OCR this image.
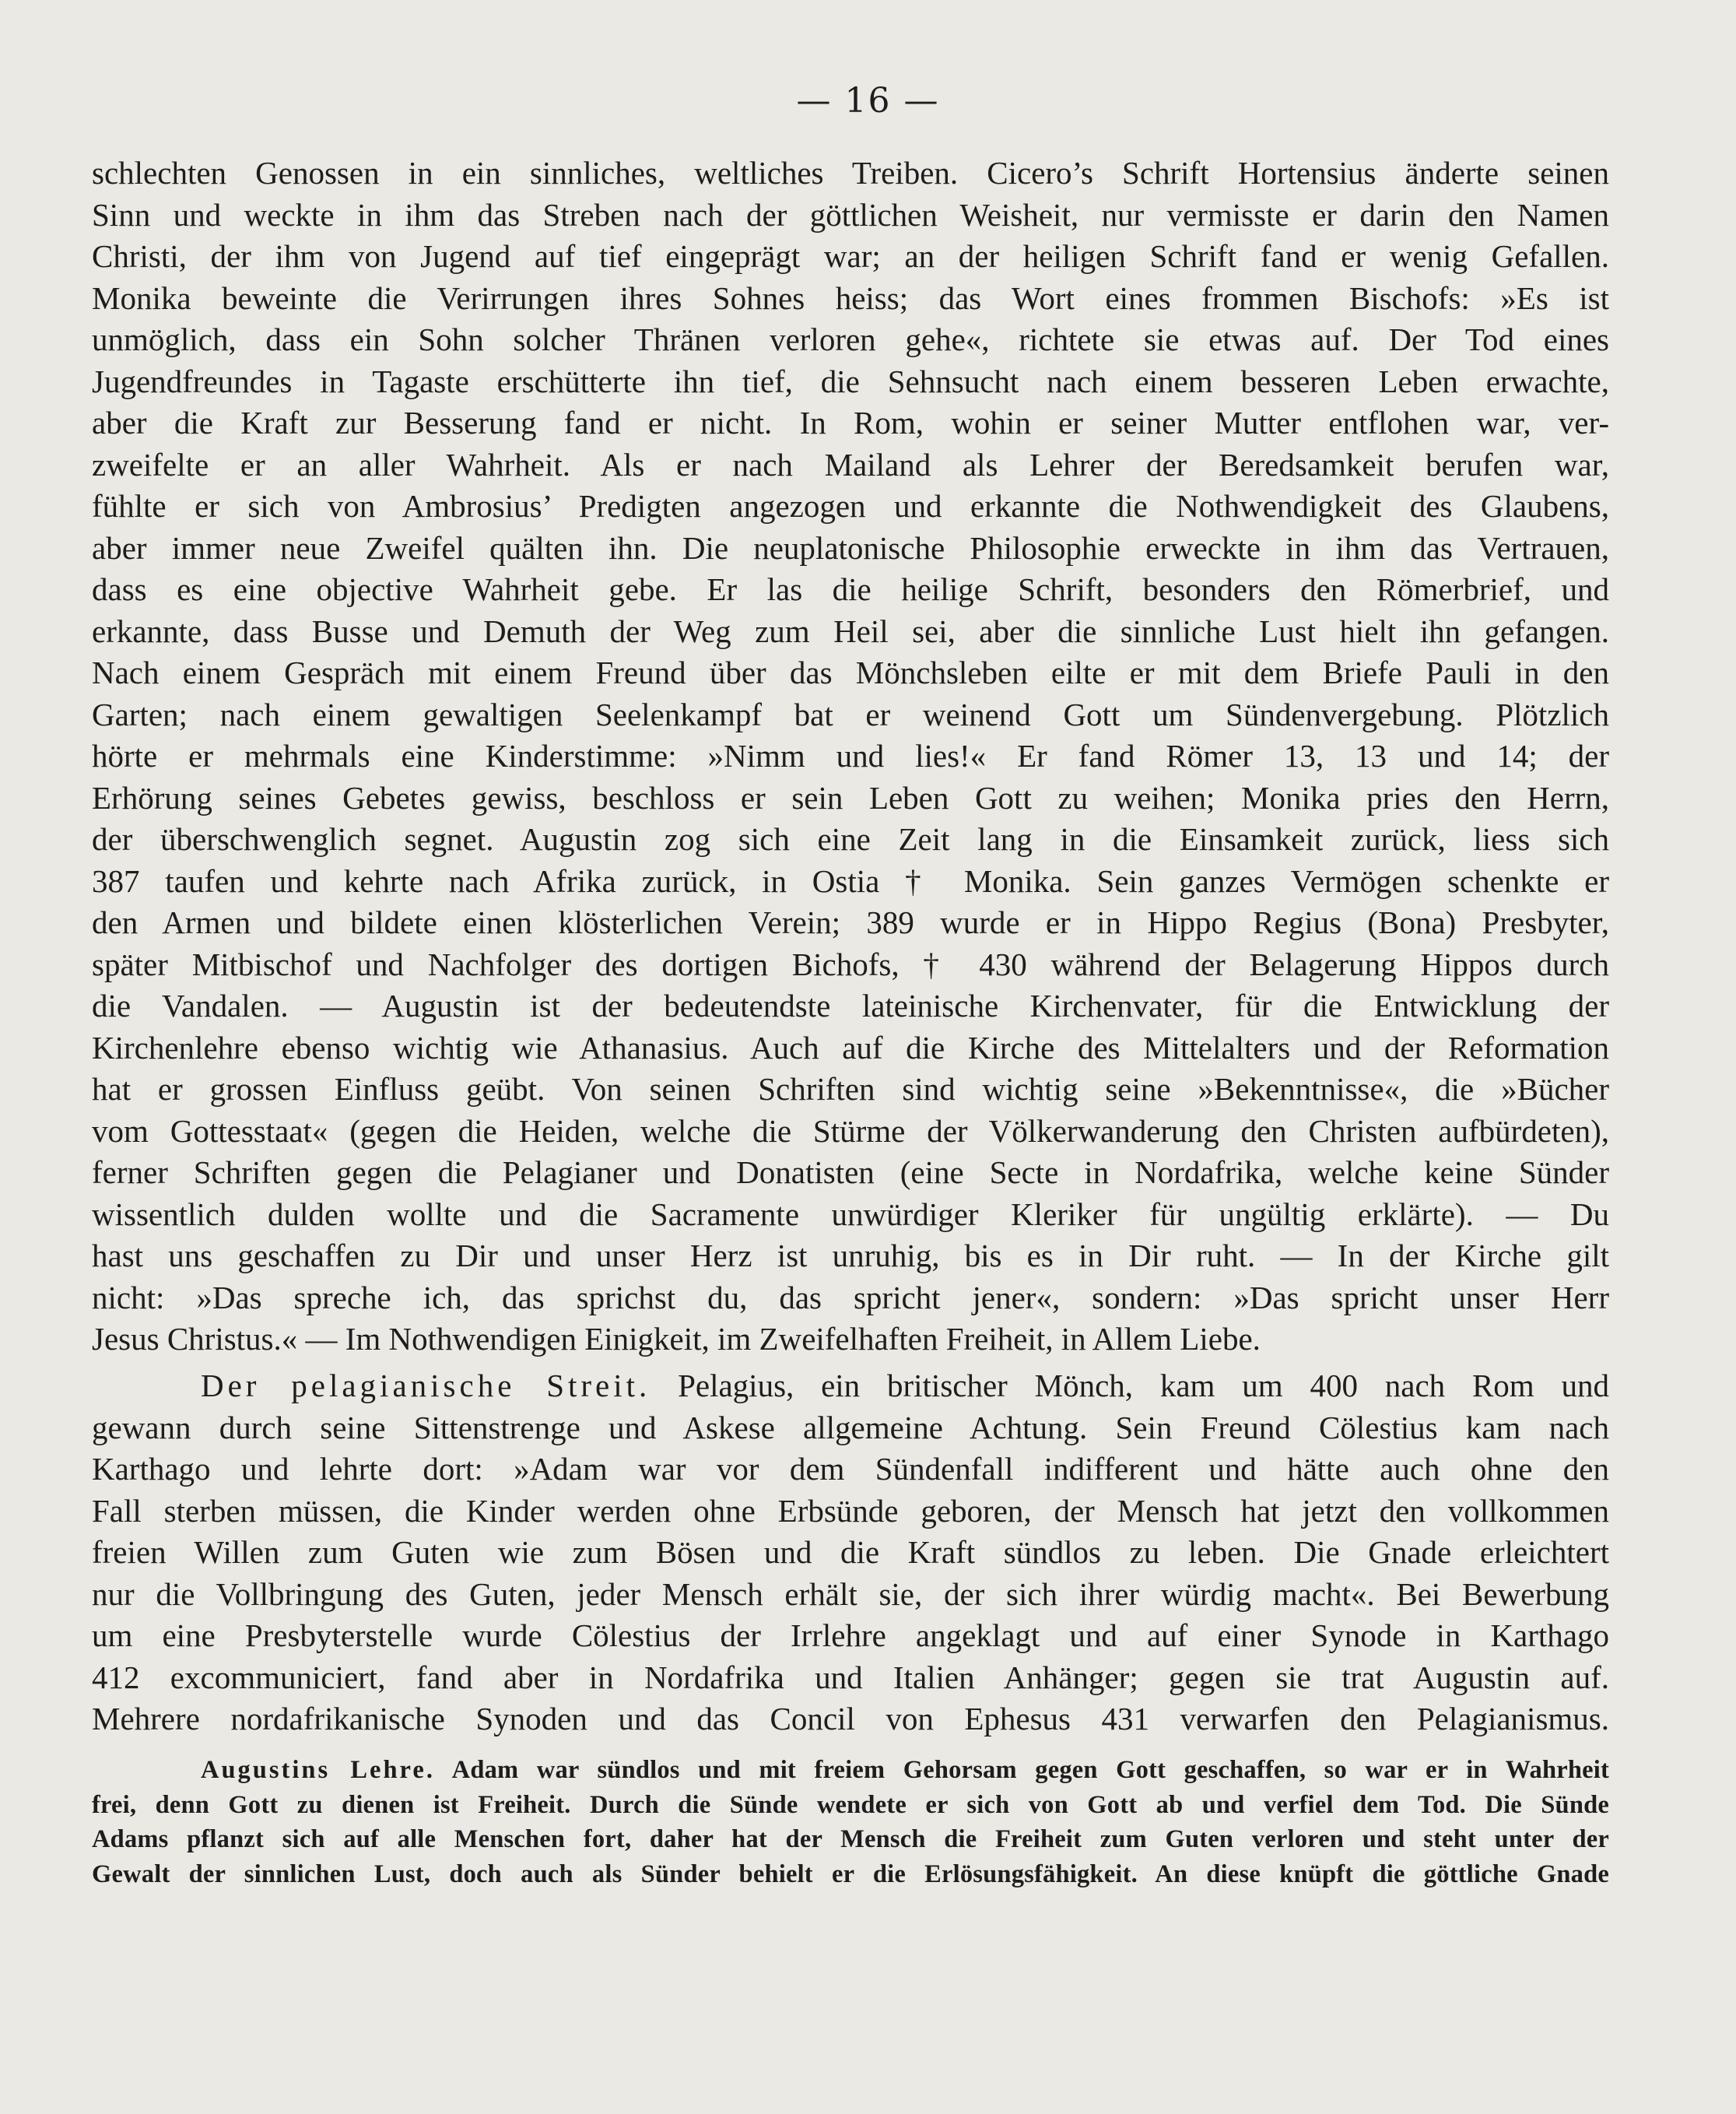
— 16 —
schlechten Genossen in ein sinnliches, weltliches Treiben. Cicero’s Schrift Hortensius änderte seinen
Sinn und weckte in ihm das Streben nach der göttlichen Weisheit, nur vermisste er darin den Namen
Christi, der ihm von Jugend auf tief eingeprägt war; an der heiligen Schrift fand er wenig Gefallen.
Monika beweinte die Verirrungen ihres Sohnes heiss; das Wort eines frommen Bischofs: »Es ist
unmöglich, dass ein Sohn solcher Thränen verloren gehe«, richtete sie etwas auf. Der Tod eines
Jugendfreundes in Tagaste erschütterte ihn tief, die Sehnsucht nach einem besseren Leben erwachte,
aber die Kraft zur Besserung fand er nicht. In Rom, wohin er seiner Mutter entflohen war, ver-
zweifelte er an aller Wahrheit. Als er nach Mailand als Lehrer der Beredsamkeit berufen war,
fühlte er sich von Ambrosius’ Predigten angezogen und erkannte die Nothwendigkeit des Glaubens,
aber immer neue Zweifel quälten ihn. Die neuplatonische Philosophie erweckte in ihm das Vertrauen,
dass es eine objective Wahrheit gebe. Er las die heilige Schrift, besonders den Römerbrief, und
erkannte, dass Busse und Demuth der Weg zum Heil sei, aber die sinnliche Lust hielt ihn gefangen.
Nach einem Gespräch mit einem Freund über das Mönchsleben eilte er mit dem Briefe Pauli in den
Garten; nach einem gewaltigen Seelenkampf bat er weinend Gott um Sündenvergebung. Plötzlich
hörte er mehrmals eine Kinderstimme: »Nimm und lies!« Er fand Römer 13, 13 und 14; der
Erhörung seines Gebetes gewiss, beschloss er sein Leben Gott zu weihen; Monika pries den Herrn,
der überschwenglich segnet. Augustin zog sich eine Zeit lang in die Einsamkeit zurück, liess sich
387 taufen und kehrte nach Afrika zurück, in Ostia † Monika. Sein ganzes Vermögen schenkte er
den Armen und bildete einen klösterlichen Verein; 389 wurde er in Hippo Regius (Bona) Presbyter,
später Mitbischof und Nachfolger des dortigen Bichofs, † 430 während der Belagerung Hippos durch
die Vandalen. — Augustin ist der bedeutendste lateinische Kirchenvater, für die Entwicklung der
Kirchenlehre ebenso wichtig wie Athanasius. Auch auf die Kirche des Mittelalters und der Reformation
hat er grossen Einfluss geübt. Von seinen Schriften sind wichtig seine »Bekenntnisse«, die »Bücher
vom Gottesstaat« (gegen die Heiden, welche die Stürme der Völkerwanderung den Christen aufbürdeten),
ferner Schriften gegen die Pelagianer und Donatisten (eine Secte in Nordafrika, welche keine Sünder
wissentlich dulden wollte und die Sacramente unwürdiger Kleriker für ungültig erklärte). — Du
hast uns geschaffen zu Dir und unser Herz ist unruhig, bis es in Dir ruht. — In der Kirche gilt
nicht: »Das spreche ich, das sprichst du, das spricht jener«, sondern: »Das spricht unser Herr
Jesus Christus.« — Im Nothwendigen Einigkeit, im Zweifelhaften Freiheit, in Allem Liebe.
Der pelagianische Streit. Pelagius, ein britischer Mönch, kam um 400 nach Rom und
gewann durch seine Sittenstrenge und Askese allgemeine Achtung. Sein Freund Cölestius kam nach
Karthago und lehrte dort: »Adam war vor dem Sündenfall indifferent und hätte auch ohne den
Fall sterben müssen, die Kinder werden ohne Erbsünde geboren, der Mensch hat jetzt den vollkommen
freien Willen zum Guten wie zum Bösen und die Kraft sündlos zu leben. Die Gnade erleichtert
nur die Vollbringung des Guten, jeder Mensch erhält sie, der sich ihrer würdig macht«. Bei Bewerbung
um eine Presbyterstelle wurde Cölestius der Irrlehre angeklagt und auf einer Synode in Karthago
412 excommuniciert, fand aber in Nordafrika und Italien Anhänger; gegen sie trat Augustin auf.
Mehrere nordafrikanische Synoden und das Concil von Ephesus 431 verwarfen den Pelagianismus.
Augustins Lehre. Adam war sündlos und mit freiem Gehorsam gegen Gott geschaffen, so war er in Wahrheit
frei, denn Gott zu dienen ist Freiheit. Durch die Sünde wendete er sich von Gott ab und verfiel dem Tod. Die Sünde
Adams pflanzt sich auf alle Menschen fort, daher hat der Mensch die Freiheit zum Guten verloren und steht unter der
Gewalt der sinnlichen Lust, doch auch als Sünder behielt er die Erlösungsfähigkeit. An diese knüpft die göttliche Gnade
